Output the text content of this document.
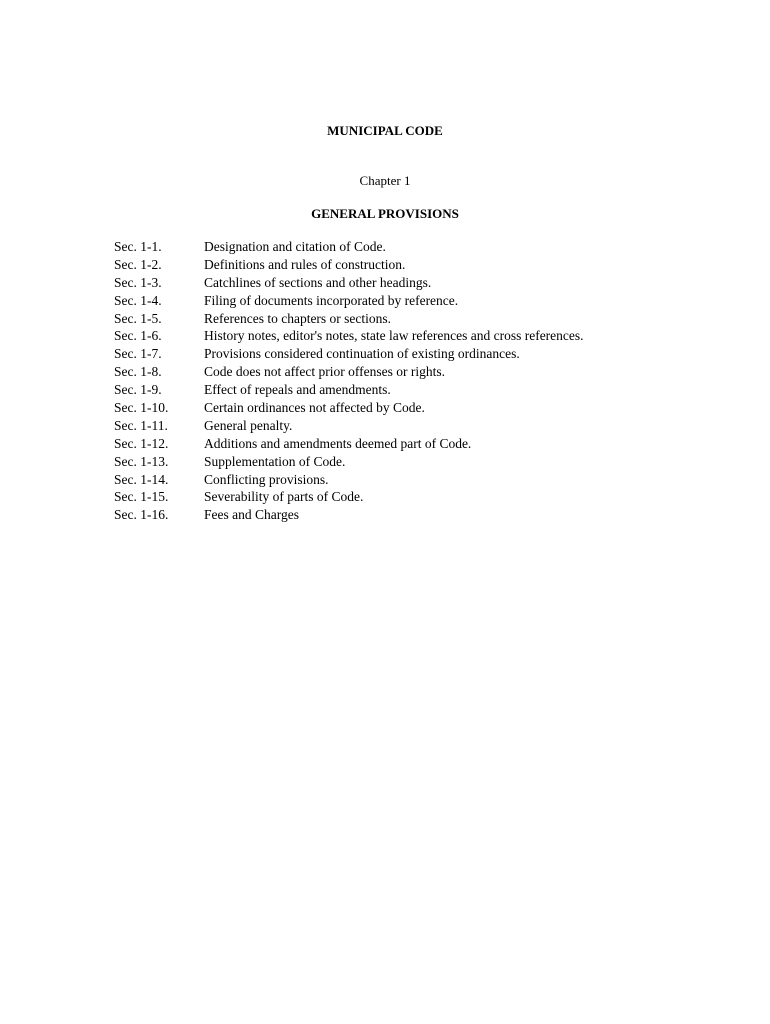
MUNICIPAL CODE
Chapter 1
GENERAL PROVISIONS
Sec. 1-1.	Designation and citation of Code.
Sec. 1-2.	Definitions and rules of construction.
Sec. 1-3.	Catchlines of sections and other headings.
Sec. 1-4.	Filing of documents incorporated by reference.
Sec. 1-5.	References to chapters or sections.
Sec. 1-6.	History notes, editor's notes, state law references and cross references.
Sec. 1-7.	Provisions considered continuation of existing ordinances.
Sec. 1-8.	Code does not affect prior offenses or rights.
Sec. 1-9.	Effect of repeals and amendments.
Sec. 1-10.	Certain ordinances not affected by Code.
Sec. 1-11.	General penalty.
Sec. 1-12.	Additions and amendments deemed part of Code.
Sec. 1-13.	Supplementation of Code.
Sec. 1-14.	Conflicting provisions.
Sec. 1-15.	Severability of parts of Code.
Sec. 1-16.	Fees and Charges
